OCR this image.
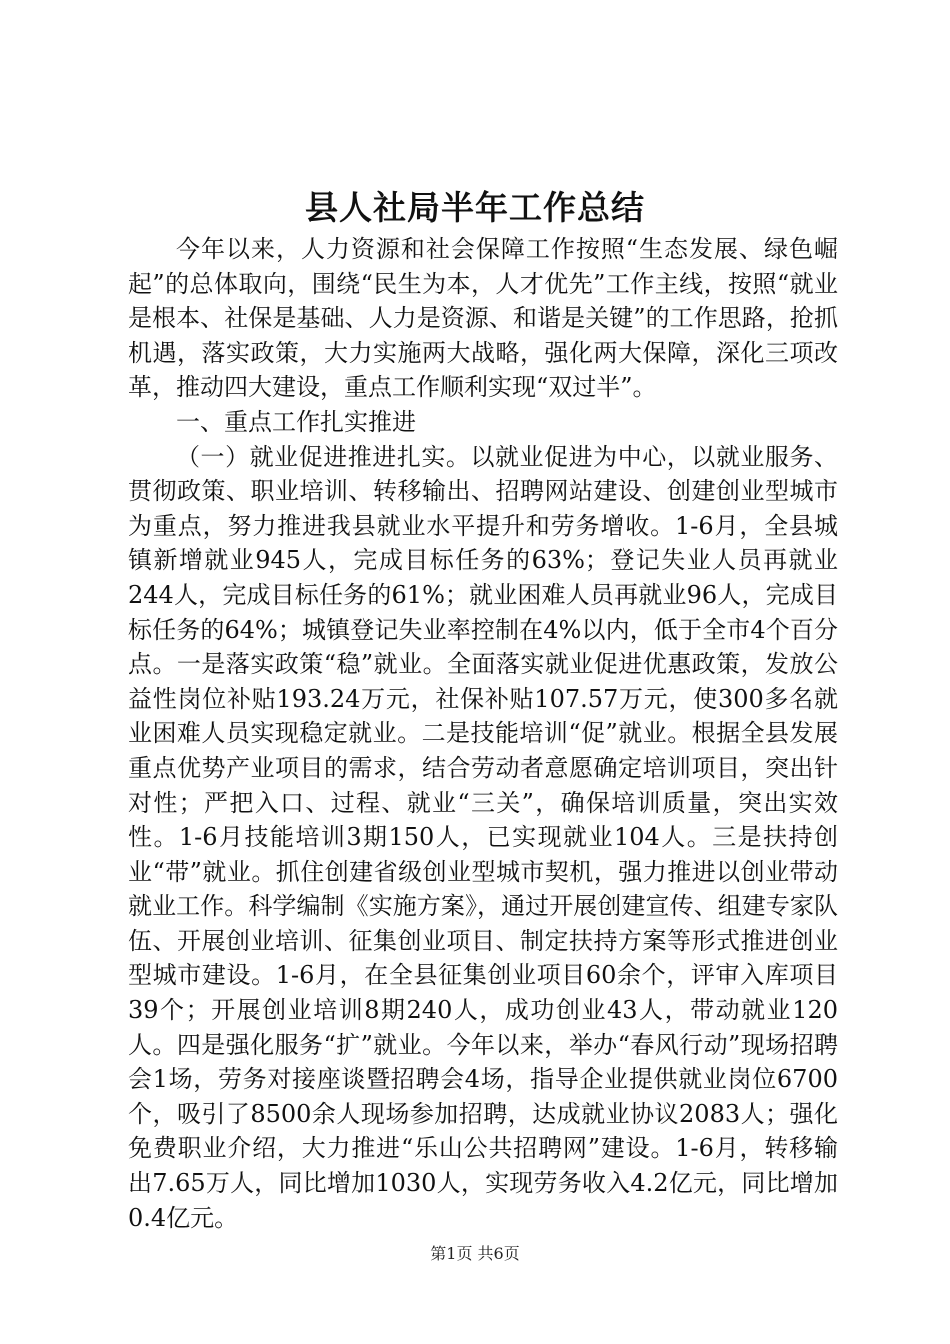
县人社局半年工作总结

今年以来，人力资源和社会保障工作按照“生态发展、绿色崛起”的总体取向，围绕“民生为本，人才优先”工作主线，按照“就业是根本、社保是基础、人力是资源、和谐是关键”的工作思路，抢抓机遇，落实政策，大力实施两大战略，强化两大保障，深化三项改革，推动四大建设，重点工作顺利实现“双过半”。

一、重点工作扎实推进

（一）就业促进推进扎实。以就业促进为中心，以就业服务、贯彻政策、职业培训、转移输出、招聘网站建设、创建创业型城市为重点，努力推进我县就业水平提升和劳务增收。1-6月，全县城镇新增就业945人，完成目标任务的63%；登记失业人员再就业244人，完成目标任务的61%；就业困难人员再就业96人，完成目标任务的64%；城镇登记失业率控制在4%以内，低于全市4个百分点。一是落实政策“稳”就业。全面落实就业促进优惠政策，发放公益性岗位补贴193.24万元，社保补贴107.57万元，使300多名就业困难人员实现稳定就业。二是技能培训“促”就业。根据全县发展重点优势产业项目的需求，结合劳动者意愿确定培训项目，突出针对性；严把入口、过程、就业“三关”，确保培训质量，突出实效性。1-6月技能培训3期150人，已实现就业104人。三是扶持创业“带”就业。抓住创建省级创业型城市契机，强力推进以创业带动就业工作。科学编制《实施方案》，通过开展创建宣传、组建专家队伍、开展创业培训、征集创业项目、制定扶持方案等形式推进创业型城市建设。1-6月，在全县征集创业项目60余个，评审入库项目39个；开展创业培训8期240人，成功创业43人，带动就业120人。四是强化服务“扩”就业。今年以来，举办“春风行动”现场招聘会1场，劳务对接座谈暨招聘会4场，指导企业提供就业岗位6700个，吸引了8500余人现场参加招聘，达成就业协议2083人；强化免费职业介绍，大力推进“乐山公共招聘网”建设。1-6月，转移输出7.65万人，同比增加1030人，实现劳务收入4.2亿元，同比增加0.4亿元。

第1页 共6页
